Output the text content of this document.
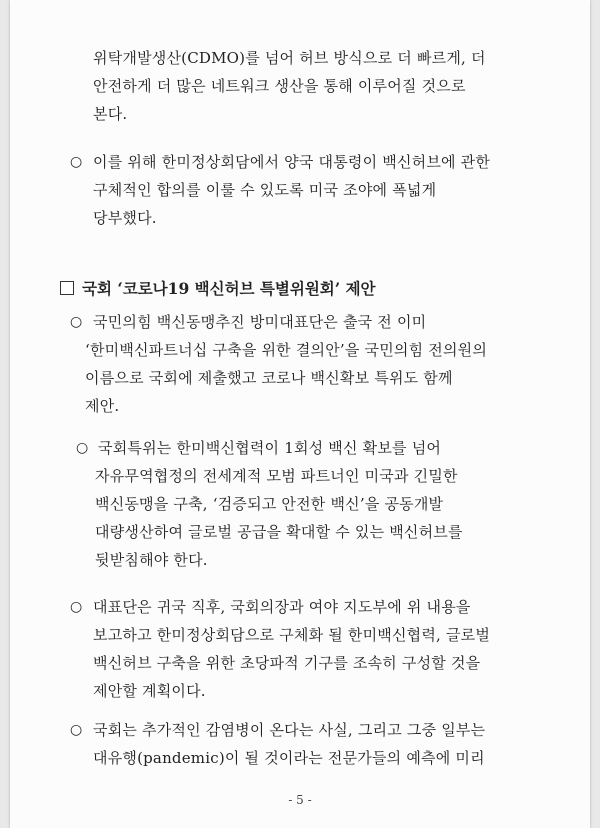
위탁개발생산(CDMO)를 넘어 허브 방식으로 더 빠르게, 더
안전하게 더 많은 네트워크 생산을 통해 이루어질 것으로
본다.
○ 이를 위해 한미정상회담에서 양국 대통령이 백신허브에 관한
구체적인 합의를 이룰 수 있도록 미국 조야에 폭넓게
당부했다.
국회 ‘코로나19 백신허브 특별위원회’ 제안
○ 국민의힘 백신동맹추진 방미대표단은 출국 전 이미
‘한미백신파트너십 구축을 위한 결의안’을 국민의힘 전의원의
이름으로 국회에 제출했고 코로나 백신확보 특위도 함께
제안.
○ 국회특위는 한미백신협력이 1회성 백신 확보를 넘어
자유무역협정의 전세계적 모범 파트너인 미국과 긴밀한
백신동맹을 구축, ‘검증되고 안전한 백신’을 공동개발
대량생산하여 글로벌 공급을 확대할 수 있는 백신허브를
뒷받침해야 한다.
○ 대표단은 귀국 직후, 국회의장과 여야 지도부에 위 내용을
보고하고 한미정상회담으로 구체화 될 한미백신협력, 글로벌
백신허브 구축을 위한 초당파적 기구를 조속히 구성할 것을
제안할 계획이다.
○ 국회는 추가적인 감염병이 온다는 사실, 그리고 그중 일부는
대유행(pandemic)이 될 것이라는 전문가들의 예측에 미리
- 5 -
